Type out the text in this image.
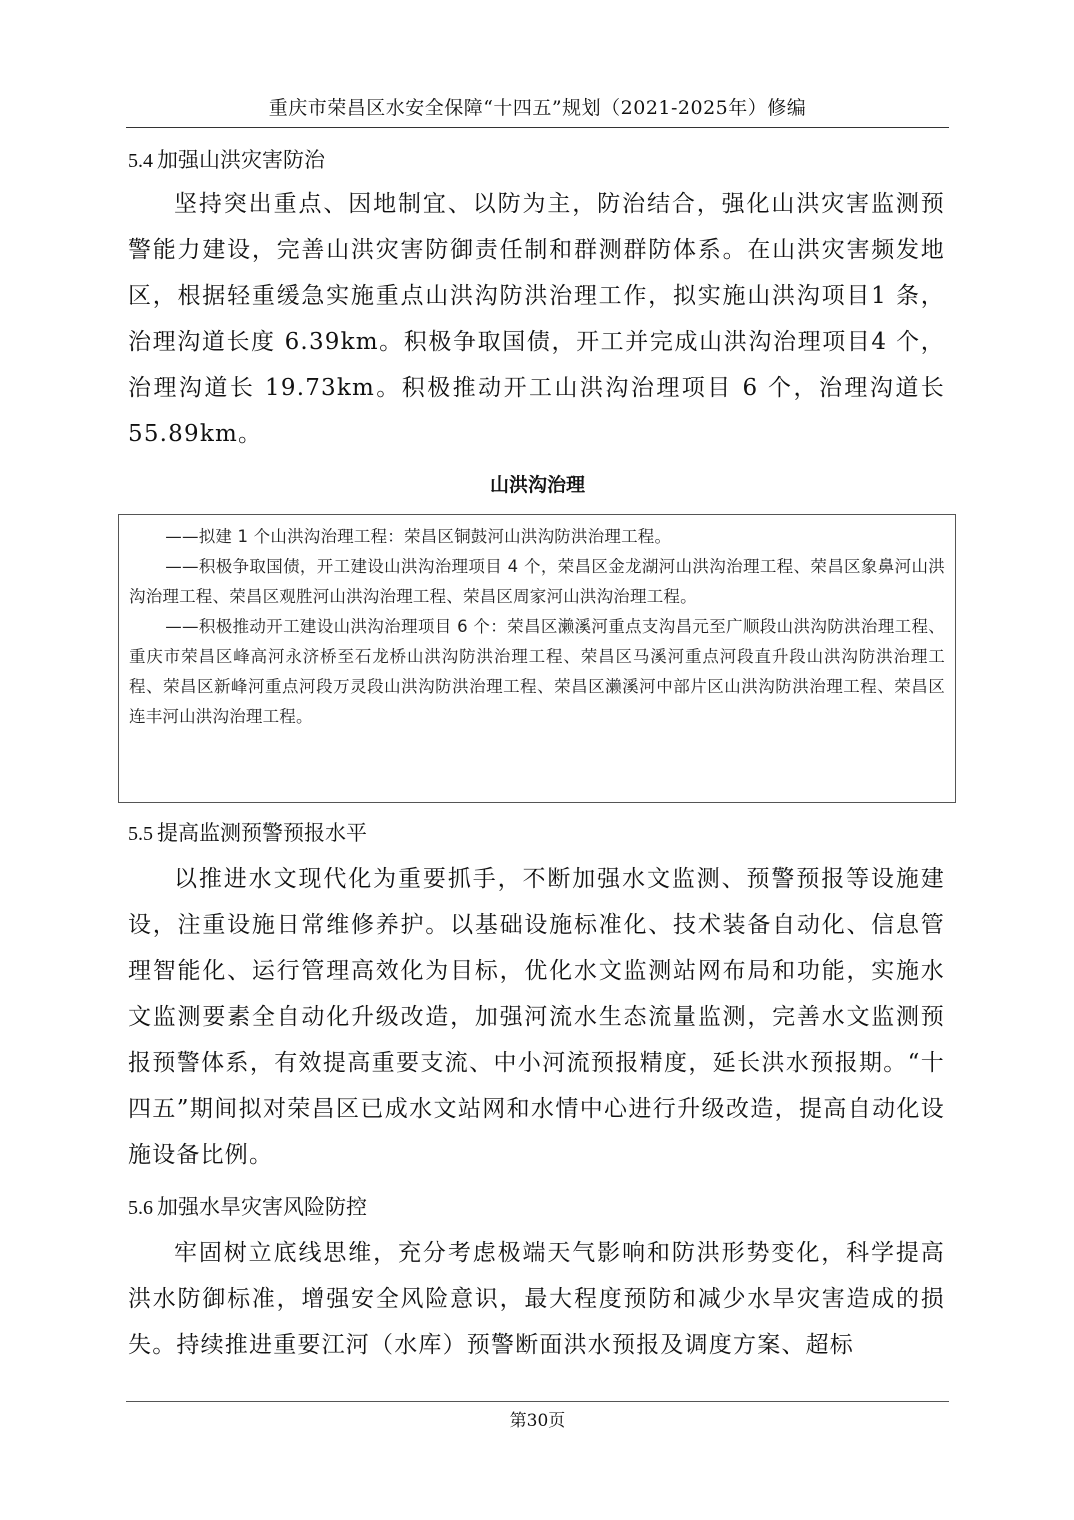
重庆市荣昌区水安全保障“十四五”规划（2021-2025年）修编
5.4 加强山洪灾害防治

坚持突出重点、因地制宜、以防为主，防治结合，强化山洪灾害监测预警能力建设，完善山洪灾害防御责任制和群测群防体系。在山洪灾害频发地区，根据轻重缓急实施重点山洪沟防洪治理工作，拟实施山洪沟项目1 条，治理沟道长度 6.39km。积极争取国债，开工并完成山洪沟治理项目4 个，治理沟道长 19.73km。积极推动开工山洪沟治理项目 6 个，治理沟道长 55.89km。

山洪沟治理

——拟建 1 个山洪沟治理工程：荣昌区铜鼓河山洪沟防洪治理工程。

——积极争取国债，开工建设山洪沟治理项目 4 个，荣昌区金龙湖河山洪沟治理工程、荣昌区象鼻河山洪沟治理工程、荣昌区观胜河山洪沟治理工程、荣昌区周家河山洪沟治理工程。

——积极推动开工建设山洪沟治理项目 6 个：荣昌区濑溪河重点支沟昌元至广顺段山洪沟防洪治理工程、重庆市荣昌区峰高河永济桥至石龙桥山洪沟防洪治理工程、荣昌区马溪河重点河段直升段山洪沟防洪治理工程、荣昌区新峰河重点河段万灵段山洪沟防洪治理工程、荣昌区濑溪河中部片区山洪沟防洪治理工程、荣昌区连丰河山洪沟治理工程。

5.5 提高监测预警预报水平

以推进水文现代化为重要抓手，不断加强水文监测、预警预报等设施建设，注重设施日常维修养护。以基础设施标准化、技术装备自动化、信息管理智能化、运行管理高效化为目标，优化水文监测站网布局和功能，实施水文监测要素全自动化升级改造，加强河流水生态流量监测，完善水文监测预报预警体系，有效提高重要支流、中小河流预报精度，延长洪水预报期。“十四五”期间拟对荣昌区已成水文站网和水情中心进行升级改造，提高自动化设施设备比例。

5.6 加强水旱灾害风险防控

牢固树立底线思维，充分考虑极端天气影响和防洪形势变化，科学提高洪水防御标准，增强安全风险意识，最大程度预防和减少水旱灾害造成的损失。持续推进重要江河（水库）预警断面洪水预报及调度方案、超标

第30页
